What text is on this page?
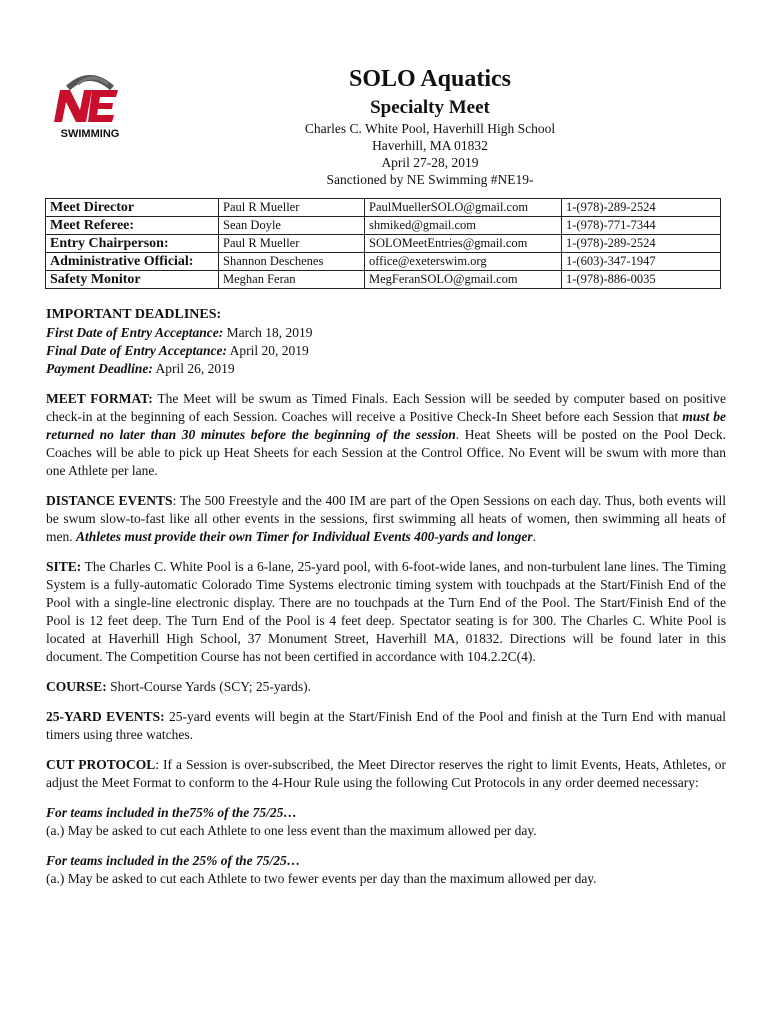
SWIMMING
SOLO Aquatics
Specialty Meet
Charles C. White Pool, Haverhill High School
Haverhill, MA 01832
April 27-28, 2019
Sanctioned by NE Swimming #NE19-
Meet Director	Paul R Mueller	PaulMuellerSOLO@gmail.com	1-(978)-289-2524
Meet Referee:	Sean Doyle	shmiked@gmail.com	1-(978)-771-7344
Entry Chairperson:	Paul R Mueller	SOLOMeetEntries@gmail.com	1-(978)-289-2524
Administrative Official:	Shannon Deschenes	office@exeterswim.org	1-(603)-347-1947
Safety Monitor	Meghan Feran	MegFeranSOLO@gmail.com	1-(978)-886-0035

IMPORTANT DEADLINES:

First Date of Entry Acceptance: March 18, 2019

Final Date of Entry Acceptance: April 20, 2019

Payment Deadline: April 26, 2019

MEET FORMAT: The Meet will be swum as Timed Finals. Each Session will be seeded by computer based on positive check-in at the beginning of each Session. Coaches will receive a Positive Check-In Sheet before each Session that must be returned no later than 30 minutes before the beginning of the session. Heat Sheets will be posted on the Pool Deck. Coaches will be able to pick up Heat Sheets for each Session at the Control Office. No Event will be swum with more than one Athlete per lane.

DISTANCE EVENTS: The 500 Freestyle and the 400 IM are part of the Open Sessions on each day. Thus, both events will be swum slow-to-fast like all other events in the sessions, first swimming all heats of women, then swimming all heats of men. Athletes must provide their own Timer for Individual Events 400-yards and longer.

SITE: The Charles C. White Pool is a 6-lane, 25-yard pool, with 6-foot-wide lanes, and non-turbulent lane lines. The Timing System is a fully-automatic Colorado Time Systems electronic timing system with touchpads at the Start/Finish End of the Pool with a single-line electronic display. There are no touchpads at the Turn End of the Pool. The Start/Finish End of the Pool is 12 feet deep. The Turn End of the Pool is 4 feet deep. Spectator seating is for 300. The Charles C. White Pool is located at Haverhill High School, 37 Monument Street, Haverhill MA, 01832. Directions will be found later in this document. The Competition Course has not been certified in accordance with 104.2.2C(4).

COURSE: Short-Course Yards (SCY; 25-yards).

25-YARD EVENTS: 25-yard events will begin at the Start/Finish End of the Pool and finish at the Turn End with manual timers using three watches.

CUT PROTOCOL: If a Session is over-subscribed, the Meet Director reserves the right to limit Events, Heats, Athletes, or adjust the Meet Format to conform to the 4-Hour Rule using the following Cut Protocols in any order deemed necessary:

For teams included in the75% of the 75/25…

(a.) May be asked to cut each Athlete to one less event than the maximum allowed per day.

For teams included in the 25% of the 75/25…

(a.) May be asked to cut each Athlete to two fewer events per day than the maximum allowed per day.
